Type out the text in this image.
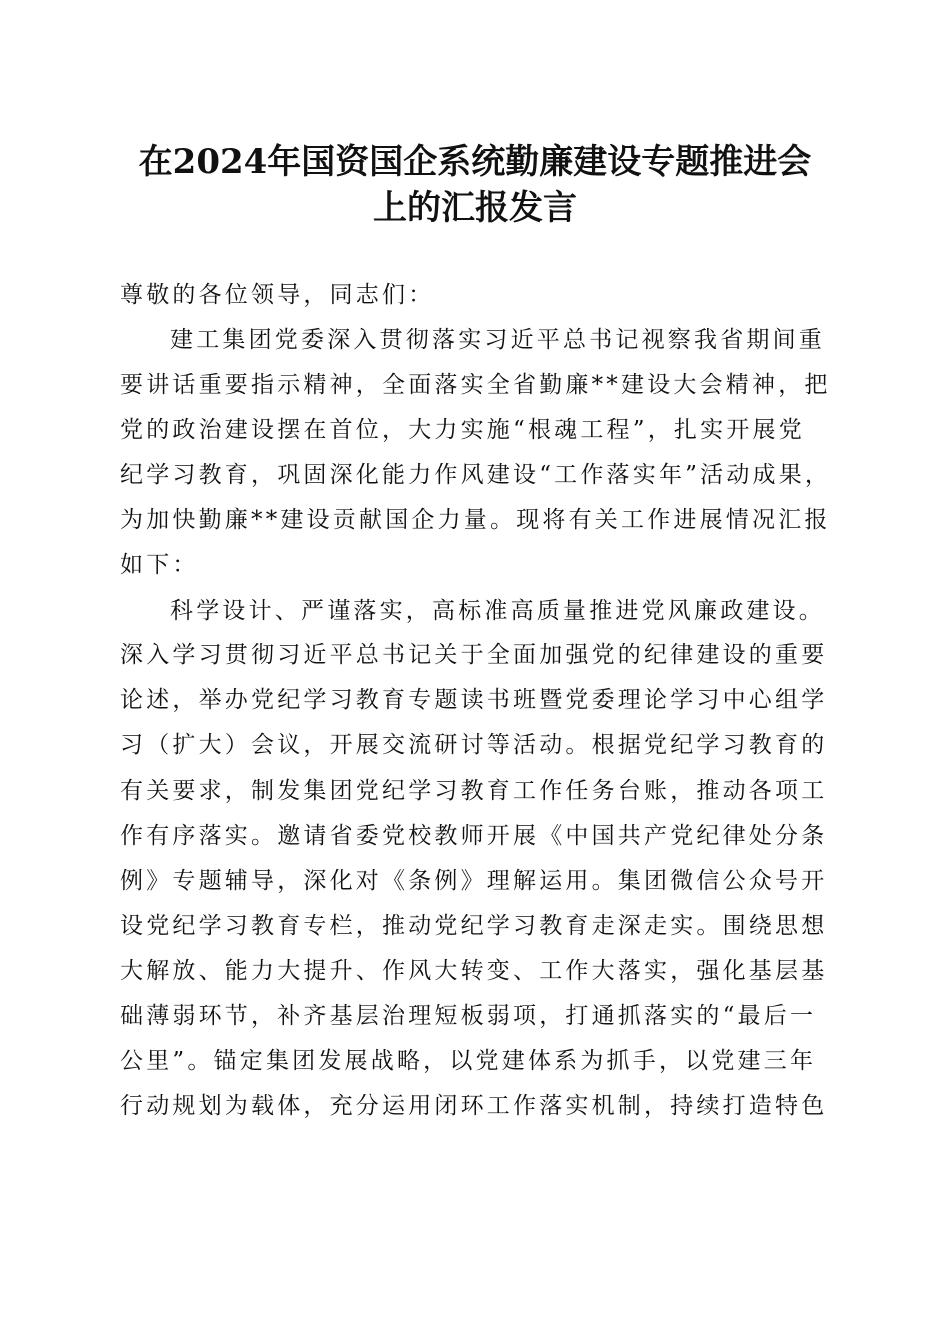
在2024年国资国企系统勤廉建设专题推进会
上的汇报发言

尊敬的各位领导，同志们：

建工集团党委深入贯彻落实习近平总书记视察我省期间重

要讲话重要指示精神，全面落实全省勤廉**建设大会精神，把

党的政治建设摆在首位，大力实施“根魂工程”，扎实开展党

纪学习教育，巩固深化能力作风建设“工作落实年”活动成果，

为加快勤廉**建设贡献国企力量。现将有关工作进展情况汇报

如下：

科学设计、严谨落实，高标准高质量推进党风廉政建设。

深入学习贯彻习近平总书记关于全面加强党的纪律建设的重要

论述，举办党纪学习教育专题读书班暨党委理论学习中心组学

习（扩大）会议，开展交流研讨等活动。根据党纪学习教育的

有关要求，制发集团党纪学习教育工作任务台账，推动各项工

作有序落实。邀请省委党校教师开展《中国共产党纪律处分条

例》专题辅导，深化对《条例》理解运用。集团微信公众号开

设党纪学习教育专栏，推动党纪学习教育走深走实。围绕思想

大解放、能力大提升、作风大转变、工作大落实，强化基层基

础薄弱环节，补齐基层治理短板弱项，打通抓落实的“最后一

公里”。锚定集团发展战略，以党建体系为抓手，以党建三年

行动规划为载体，充分运用闭环工作落实机制，持续打造特色
